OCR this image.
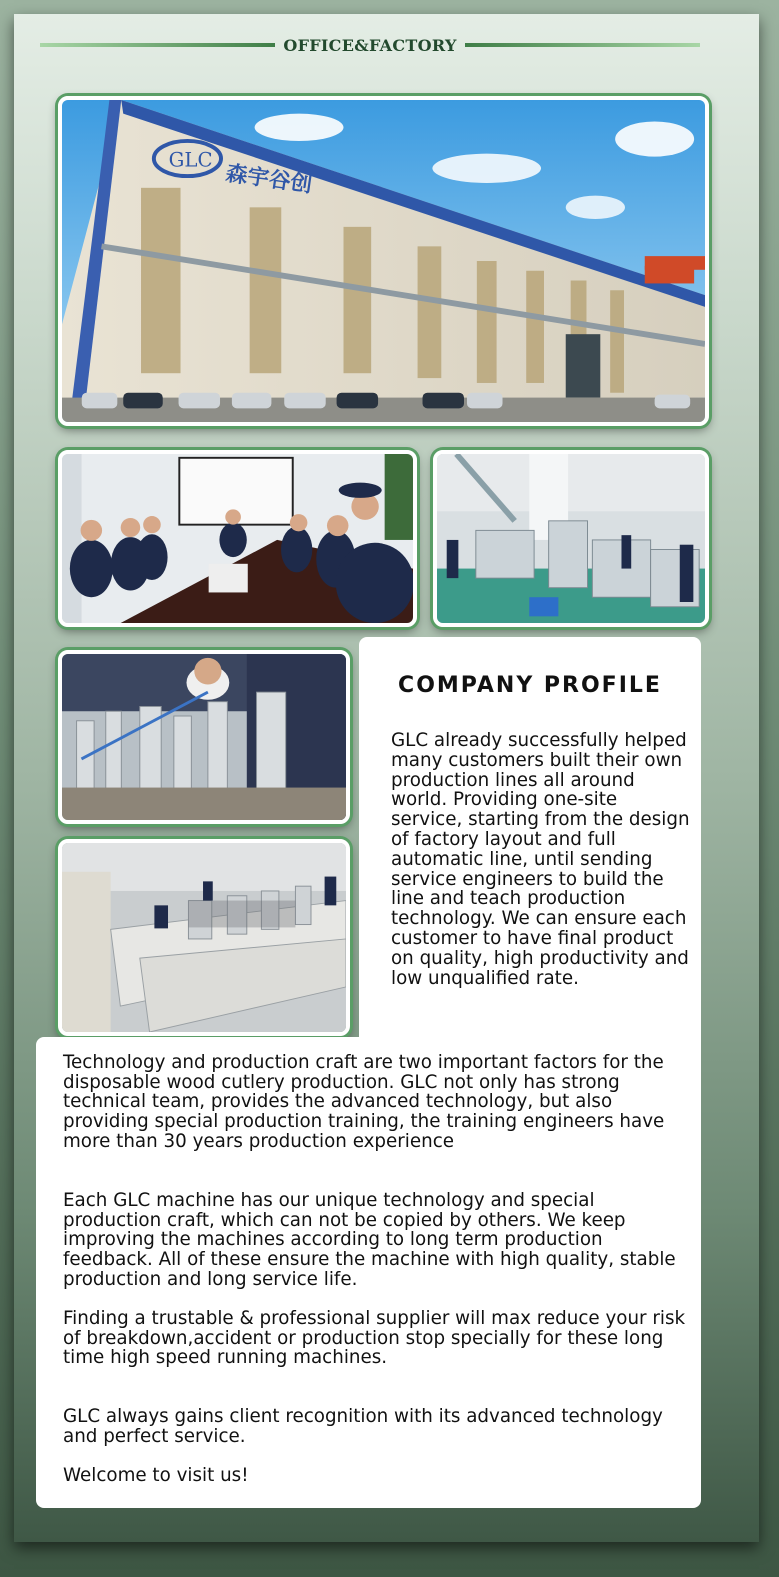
OFFICE&FACTORY
GLC
森宇谷创
COMPANY PROFILE
GLC already successfully helped many customers built their own production lines all around world. Providing one-site service, starting from the design of factory layout and full automatic line, until sending service engineers to build the line and teach production technology. We can ensure each customer to have final product on quality, high productivity and low unqualified rate.

Technology and production craft are two important factors for the disposable wood cutlery production. GLC not only has strong technical team, provides the advanced technology, but also providing special production training, the training engineers have more than 30 years production experience

Each GLC machine has our unique technology and special production craft, which can not be copied by others. We keep improving the machines according to long term production feedback. All of these ensure the machine with high quality, stable production and long service life.

Finding a trustable & professional supplier will max reduce your risk of breakdown,accident or production stop specially for these long time high speed running machines.

GLC always gains client recognition with its advanced technology and perfect service.

Welcome to visit us!
